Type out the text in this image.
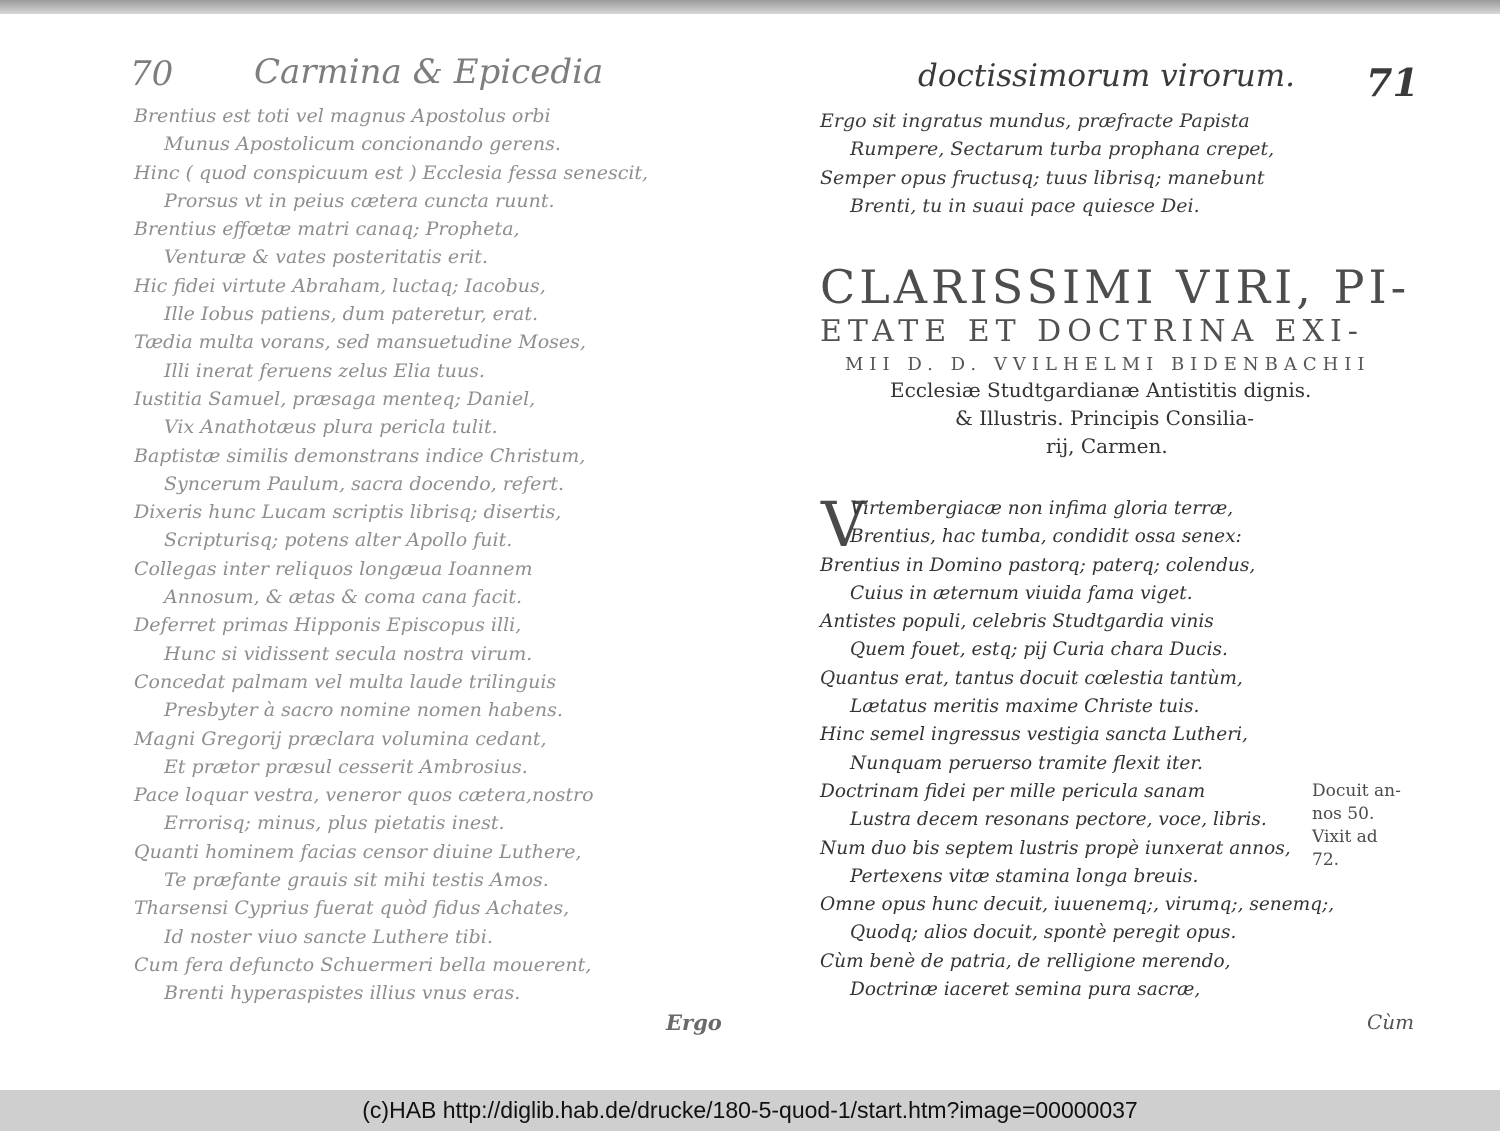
70 Carmina & Epicedia
Brentius est toti vel magnus Apostolus orbi
Munus Apostolicum concionando gerens.
Hinc ( quod conspicuum est ) Ecclesia fessa senescit,
Prorsus vt in peius cætera cuncta ruunt.
Brentius effœtæ matri canaq; Propheta,
Venturæ & vates posteritatis erit.
Hic fidei virtute Abraham, luctaq; Iacobus,
Ille Iobus patiens, dum pateretur, erat.
Tædia multa vorans, sed mansuetudine Moses,
Illi inerat feruens zelus Elia tuus.
Iustitia Samuel, præsaga menteq; Daniel,
Vix Anathotæus plura pericla tulit.
Baptistæ similis demonstrans indice Christum,
Syncerum Paulum, sacra docendo, refert.
Dixeris hunc Lucam scriptis librisq; disertis,
Scripturisq; potens alter Apollo fuit.
Collegas inter reliquos longæua Ioannem
Annosum, & ætas & coma cana facit.
Deferret primas Hipponis Episcopus illi,
Hunc si vidissent secula nostra virum.
Concedat palmam vel multa laude trilinguis
Presbyter à sacro nomine nomen habens.
Magni Gregorij præclara volumina cedant,
Et prætor præsul cesserit Ambrosius.
Pace loquar vestra, veneror quos cætera,nostro
Errorisq; minus, plus pietatis inest.
Quanti hominem facias censor diuine Luthere,
Te præfante grauis sit mihi testis Amos.
Tharsensi Cyprius fuerat quòd fidus Achates,
Id noster viuo sancte Luthere tibi.
Cum fera defuncto Schuermeri bella mouerent,
Brenti hyperaspistes illius vnus eras.
Ergo
doctissimorum virorum. 71
Ergo sit ingratus mundus, præfracte Papista
Rumpere, Sectarum turba prophana crepet,
Semper opus fructusq; tuus librisq; manebunt
Brenti, tu in suaui pace quiesce Dei.
CLARISSIMI VIRI, PI-
ETATE ET DOCTRINA EXI-
MII D. D. VVILHELMI BIDENBACHII
Ecclesiæ Studtgardianæ Antistitis dignis.
& Illustris. Principis Consilia-
rij, Carmen.
V
Virtembergiacæ non infima gloria terræ,
Brentius, hac tumba, condidit ossa senex:
Brentius in Domino pastorq; paterq; colendus,
Cuius in æternum viuida fama viget.
Antistes populi, celebris Studtgardia vinis
Quem fouet, estq; pij Curia chara Ducis.
Quantus erat, tantus docuit cœlestia tantùm,
Lætatus meritis maxime Christe tuis.
Hinc semel ingressus vestigia sancta Lutheri,
Nunquam peruerso tramite flexit iter.
Doctrinam fidei per mille pericula sanam
Lustra decem resonans pectore, voce, libris.
Num duo bis septem lustris propè iunxerat annos,
Pertexens vitæ stamina longa breuis.
Omne opus hunc decuit, iuuenemq;, virumq;, senemq;,
Quodq; alios docuit, spontè peregit opus.
Cùm benè de patria, de relligione merendo,
Doctrinæ iaceret semina pura sacræ,
Docuit an-
nos 50.
Vixit ad
72.
Cùm
(c)HAB http://diglib.hab.de/drucke/180-5-quod-1/start.htm?image=00000037
